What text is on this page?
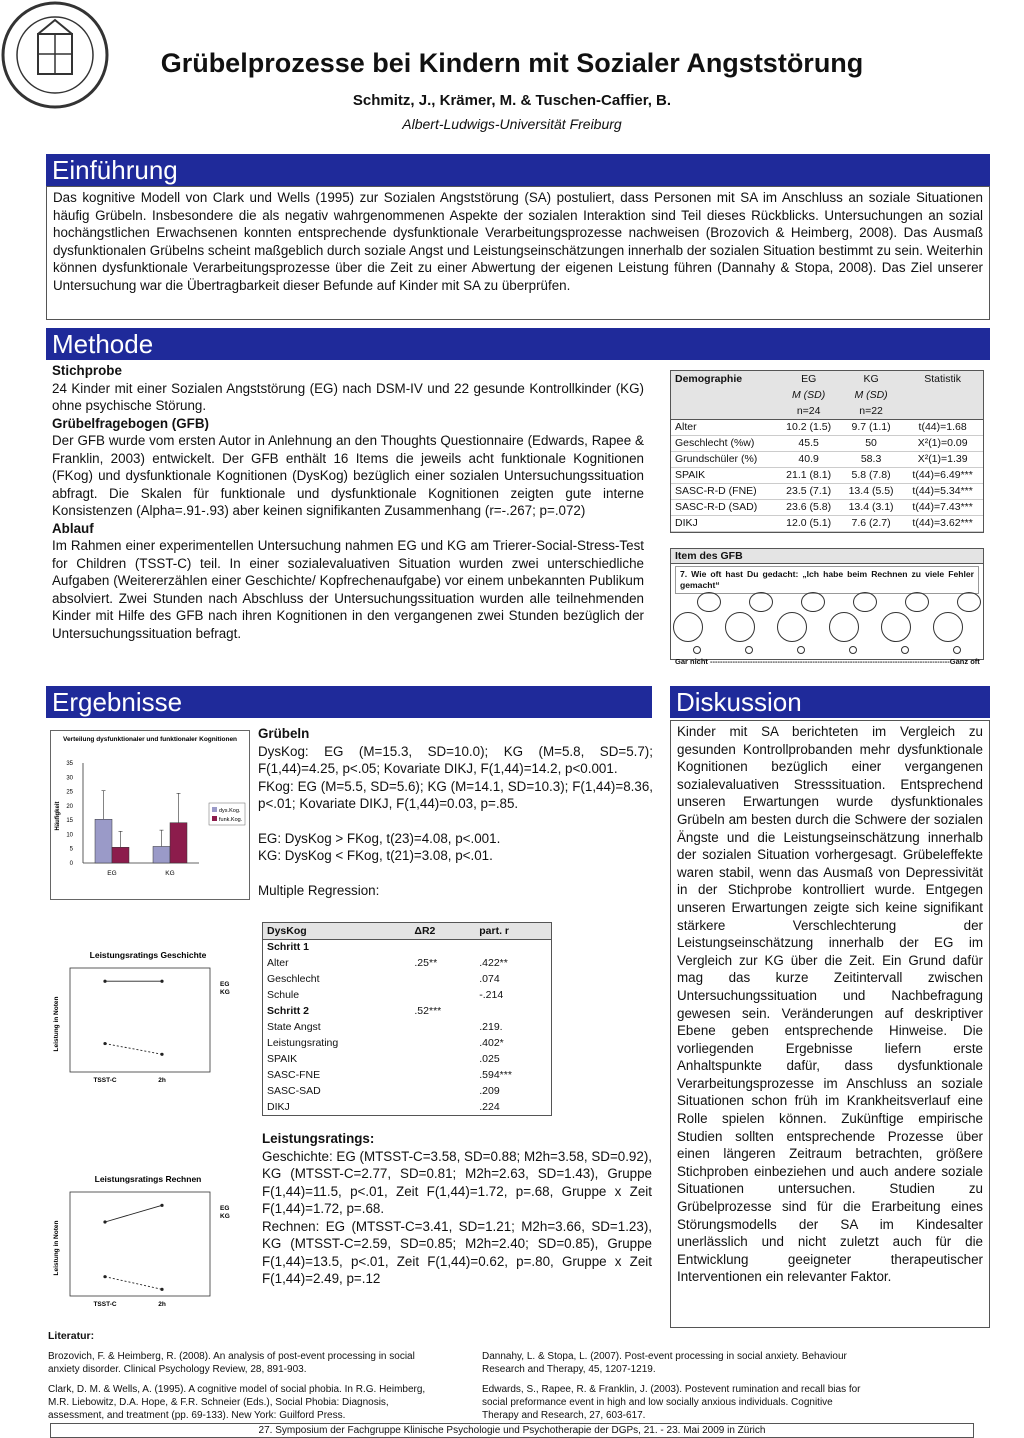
Grübelprozesse bei Kindern mit Sozialer Angststörung
Schmitz, J., Krämer, M. & Tuschen-Caffier, B.
Albert-Ludwigs-Universität Freiburg
Einführung
Das kognitive Modell von Clark und Wells (1995) zur Sozialen Angststörung (SA) postuliert, dass Personen mit SA im Anschluss an soziale Situationen häufig Grübeln. Insbesondere die als negativ wahrgenommenen Aspekte der sozialen Interaktion sind Teil dieses Rückblicks. Untersuchungen an sozial hochängstlichen Erwachsenen konnten entsprechende dysfunktionale Verarbeitungsprozesse nachweisen (Brozovich & Heimberg, 2008). Das Ausmaß dysfunktionalen Grübelns scheint maßgeblich durch soziale Angst und Leistungseinschätzungen innerhalb der sozialen Situation bestimmt zu sein. Weiterhin können dysfunktionale Verarbeitungsprozesse über die Zeit zu einer Abwertung der eigenen Leistung führen (Dannahy & Stopa, 2008). Das Ziel unserer Untersuchung war die Übertragbarkeit dieser Befunde auf Kinder mit SA zu überprüfen.
Methode
Stichprobe
24 Kinder mit einer Sozialen Angststörung (EG) nach DSM-IV und 22 gesunde Kontrollkinder (KG) ohne psychische Störung.
Grübelfragebogen (GFB)
Der GFB wurde vom ersten Autor in Anlehnung an den Thoughts Questionnaire (Edwards, Rapee & Franklin, 2003) entwickelt. Der GFB enthält 16 Items die jeweils acht funktionale Kognitionen (FKog) und dysfunktionale Kognitionen (DysKog) bezüglich einer sozialen Untersuchungssituation abfragt. Die Skalen für funktionale und dysfunktionale Kognitionen zeigten gute interne Konsistenzen (Alpha=.91-.93) aber keinen signifikanten Zusammenhang (r=-.267; p=.072)
Ablauf
Im Rahmen einer experimentellen Untersuchung nahmen EG und KG am Trierer-Social-Stress-Test for Children (TSST-C) teil. In einer sozialevaluativen Situation wurden zwei unterschiedliche Aufgaben (Weitererzählen einer Geschichte/ Kopfrechenaufgabe) vor einem unbekannten Publikum absolviert. Zwei Stunden nach Abschluss der Untersuchungssituation wurden alle teilnehmenden Kinder mit Hilfe des GFB nach ihren Kognitionen in den vergangenen zwei Stunden bezüglich der Untersuchungssituation befragt.
Demographie	EG	KG	Statistik
	M (SD)	M (SD)	
	n=24	n=22	
Alter	10.2 (1.5)	9.7 (1.1)	t(44)=1.68
Geschlecht (%w)	45.5	50	X²(1)=0.09
Grundschüler (%)	40.9	58.3	X²(1)=1.39
SPAIK	21.1 (8.1)	5.8 (7.8)	t(44)=6.49***
SASC-R-D (FNE)	23.5 (7.1)	13.4 (5.5)	t(44)=5.34***
SASC-R-D (SAD)	23.6 (5.8)	13.4 (3.1)	t(44)=7.43***
DIKJ	12.0 (5.1)	7.6 (2.7)	t(44)=3.62***
Item des GFB
7. Wie oft hast Du gedacht: „Ich habe beim Rechnen zu viele Fehler gemacht“
Gar nicht ------------------------------------------------------------------------------------------------Ganz oft
Ergebnisse
Verteilung dysfunktionaler und funktionaler Kognitionen
0
5
10
15
20
25
30
35
Häufigkeit
EG	KG
dys.Kog.
funk.Kog.
Leistungsratings Geschichte
Leistung in Noten
TSST-C	2h
EG
KG
Leistungsratings Rechnen
Leistung in Noten
TSST-C	2h
EG
KG
Grübeln
DysKog: EG (M=15.3, SD=10.0); KG (M=5.8, SD=5.7); F(1,44)=4.25, p<.05; Kovariate DIKJ, F(1,44)=14.2, p<0.001.
FKog: EG (M=5.5, SD=5.6); KG (M=14.1, SD=10.3); F(1,44)=8.36, p<.01; Kovariate DIKJ, F(1,44)=0.03, p=.85.
EG: DysKog > FKog, t(23)=4.08, p<.001.
KG: DysKog < FKog, t(21)=3.08, p<.01.
Multiple Regression:
DysKog	ΔR2	part. r
Schritt 1		
Alter	.25**	.422**
Geschlecht		.074
Schule		-.214
Schritt 2	.52***	
State Angst		.219.
Leistungsrating		.402*
SPAIK		.025
SASC-FNE		.594***
SASC-SAD		.209
DIKJ		.224
Leistungsratings:
Geschichte: EG (MTSST-C=3.58, SD=0.88; M2h=3.58, SD=0.92), KG (MTSST-C=2.77, SD=0.81; M2h=2.63, SD=1.43), Gruppe F(1,44)=11.5, p<.01, Zeit F(1,44)=1.72, p=.68, Gruppe x Zeit F(1,44)=1.72, p=.68.
Rechnen: EG (MTSST-C=3.41, SD=1.21; M2h=3.66, SD=1.23), KG (MTSST-C=2.59, SD=0.85; M2h=2.40; SD=0.85), Gruppe F(1,44)=13.5, p<.01, Zeit F(1,44)=0.62, p=.80, Gruppe x Zeit F(1,44)=2.49, p=.12
Diskussion
Kinder mit SA berichteten im Vergleich zu gesunden Kontrollprobanden mehr dysfunktionale Kognitionen bezüglich einer vergangenen sozialevaluativen Stresssituation. Entsprechend unseren Erwartungen wurde dysfunktionales Grübeln am besten durch die Schwere der sozialen Ängste und die Leistungseinschätzung innerhalb der sozialen Situation vorhergesagt. Grübeleffekte waren stabil, wenn das Ausmaß von Depressivität in der Stichprobe kontrolliert wurde. Entgegen unseren Erwartungen zeigte sich keine signifikant stärkere Verschlechterung der Leistungseinschätzung innerhalb der EG im Vergleich zur KG über die Zeit. Ein Grund dafür mag das kurze Zeitintervall zwischen Untersuchungssituation und Nachbefragung gewesen sein. Veränderungen auf deskriptiver Ebene geben entsprechende Hinweise. Die vorliegenden Ergebnisse liefern erste Anhaltspunkte dafür, dass dysfunktionale Verarbeitungsprozesse im Anschluss an soziale Situationen schon früh im Krankheitsverlauf eine Rolle spielen können. Zukünftige empirische Studien sollten entsprechende Prozesse über einen längeren Zeitraum betrachten, größere Stichproben einbeziehen und auch andere soziale Situationen untersuchen. Studien zu Grübelprozesse sind für die Erarbeitung eines Störungsmodells der SA im Kindesalter unerlässlich und nicht zuletzt auch für die Entwicklung geeigneter therapeutischer Interventionen ein relevanter Faktor.
Literatur:
Brozovich, F. & Heimberg, R. (2008). An analysis of post-event processing in social anxiety disorder. Clinical Psychology Review, 28, 891-903.
Clark, D. M. & Wells, A. (1995). A cognitive model of social phobia. In R.G. Heimberg, M.R. Liebowitz, D.A. Hope, & F.R. Schneier (Eds.), Social Phobia: Diagnosis, assessment, and treatment (pp. 69-133). New York: Guilford Press.
Dannahy, L. & Stopa, L. (2007). Post-event processing in social anxiety. Behaviour Research and Therapy, 45, 1207-1219.
Edwards, S., Rapee, R. & Franklin, J. (2003). Postevent rumination and recall bias for social preformance event in high and low socially anxious individuals. Cognitive Therapy and Research, 27, 603-617.
27. Symposium der Fachgruppe Klinische Psychologie und Psychotherapie der DGPs, 21. - 23. Mai 2009 in Zürich
